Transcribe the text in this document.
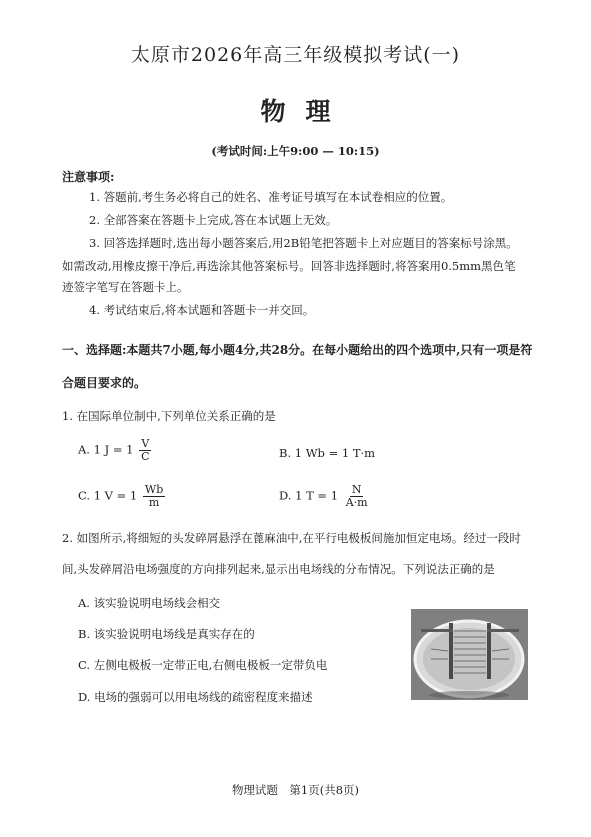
太原市2026年高三年级模拟考试(一)
物理
(考试时间:上午9:00 — 10:15)
注意事项:
1. 答题前,考生务必将自己的姓名、准考证号填写在本试卷相应的位置。
2. 全部答案在答题卡上完成,答在本试题上无效。
3. 回答选择题时,选出每小题答案后,用2B铅笔把答题卡上对应题目的答案标号涂黑。
如需改动,用橡皮擦干净后,再选涂其他答案标号。回答非选择题时,将答案用0.5mm黑色笔
迹签字笔写在答题卡上。
4. 考试结束后,将本试题和答题卡一并交回。
一、选择题:本题共7小题,每小题4分,共28分。在每小题给出的四个选项中,只有一项是符
合题目要求的。
1. 在国际单位制中,下列单位关系正确的是
A. 1 $J = 1 \frac{V}{C}$	B. 1 Wb = 1 T·m
C. 1 $V = 1 \frac{Wb}{m}$	D. 1 $T = 1 \frac{N}{A\cdot m}$
2. 如图所示,将细短的头发碎屑悬浮在蓖麻油中,在平行电极板间施加恒定电场。经过一段时
间,头发碎屑沿电场强度的方向排列起来,显示出电场线的分布情况。下列说法正确的是
A. 该实验说明电场线会相交
B. 该实验说明电场线是真实存在的
C. 左侧电极板一定带正电,右侧电极板一定带负电
D. 电场的强弱可以用电场线的疏密程度来描述
物理试题　第1页(共8页)
